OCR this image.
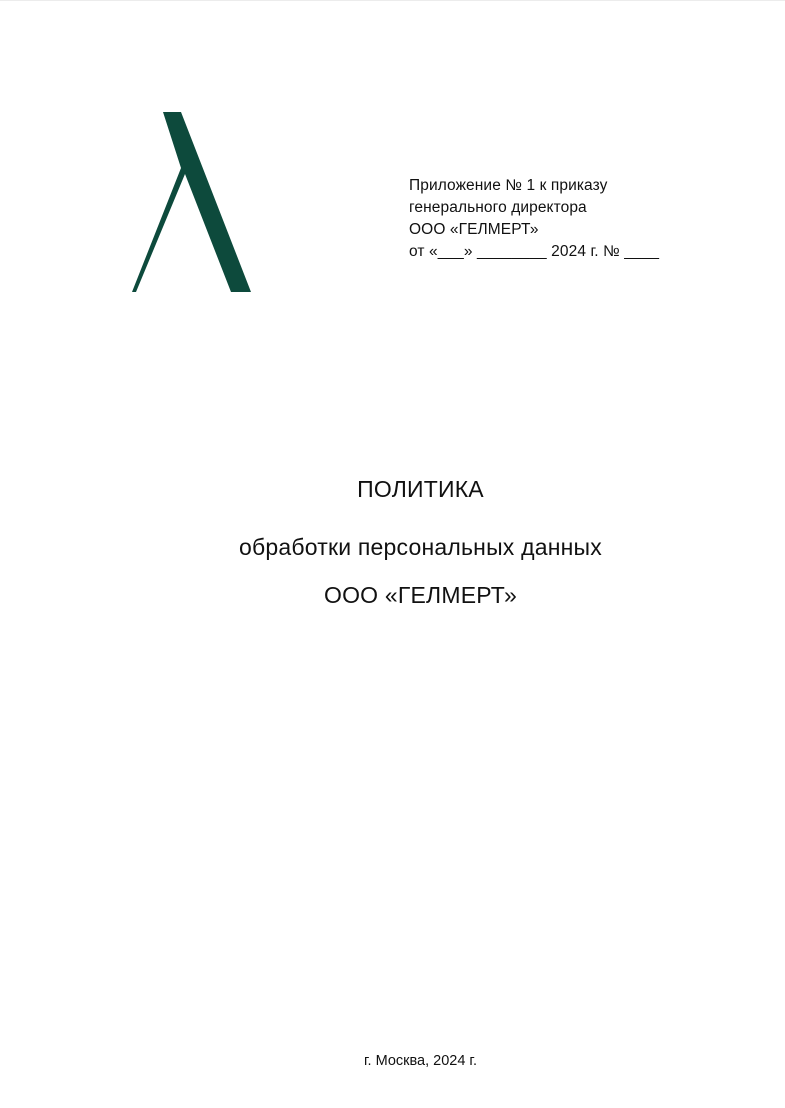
Приложение № 1 к приказу
генерального директора
ООО «ГЕЛМЕРТ»
от «___» ________ 2024 г. № ____
ПОЛИТИКА
обработки персональных данных
ООО «ГЕЛМЕРТ»
г. Москва, 2024 г.
